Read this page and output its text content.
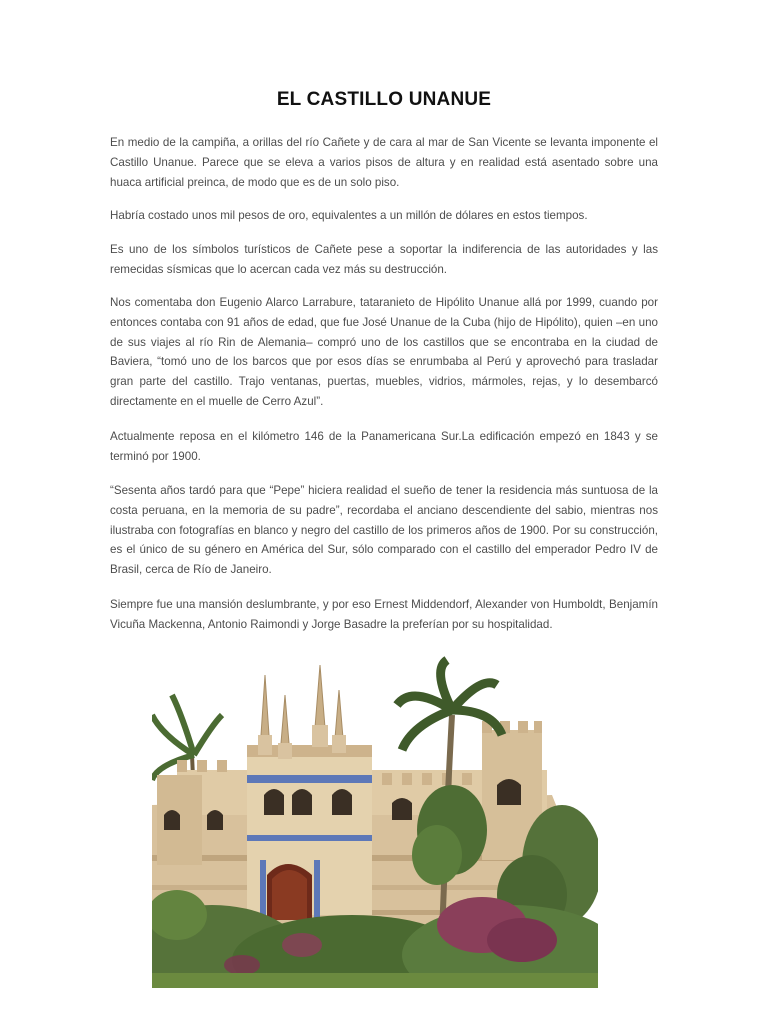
EL CASTILLO UNANUE

En medio de la campiña, a orillas del río Cañete y de cara al mar de San Vicente se levanta imponente el Castillo Unanue. Parece que se eleva a varios pisos de altura y en realidad está asentado sobre una huaca artificial preinca, de modo que es de un solo piso.

Habría costado unos mil pesos de oro, equivalentes a un millón de dólares en estos tiempos.

Es uno de los símbolos turísticos de Cañete pese a soportar la indiferencia de las autoridades y las remecidas sísmicas que lo acercan cada vez más su destrucción.

Nos comentaba don Eugenio Alarco Larrabure, tataranieto de Hipólito Unanue allá por 1999, cuando por entonces contaba con 91 años de edad, que fue José Unanue de la Cuba (hijo de Hipólito), quien –en uno de sus viajes al río Rin de Alemania– compró uno de los castillos que se encontraba en la ciudad de Baviera, “tomó uno de los barcos que por esos días se enrumbaba al Perú y aprovechó para trasladar gran parte del castillo. Trajo ventanas, puertas, muebles, vidrios, mármoles, rejas, y lo desembarcó directamente en el muelle de Cerro Azul”.

Actualmente reposa en el kilómetro 146 de la Panamericana Sur.La edificación empezó en 1843 y se terminó por 1900.

“Sesenta años tardó para que “Pepe” hiciera realidad el sueño de tener la residencia más suntuosa de la costa peruana, en la memoria de su padre”, recordaba el anciano descendiente del sabio, mientras nos ilustraba con fotografías en blanco y negro del castillo de los primeros años de 1900. Por su construcción, es el único de su género en América del Sur, sólo comparado con el castillo del emperador Pedro IV de Brasil, cerca de Río de Janeiro.

Siempre fue una mansión deslumbrante, y por eso Ernest Middendorf, Alexander von Humboldt, Benjamín Vicuña Mackenna, Antonio Raimondi y Jorge Basadre la preferían por su hospitalidad.
